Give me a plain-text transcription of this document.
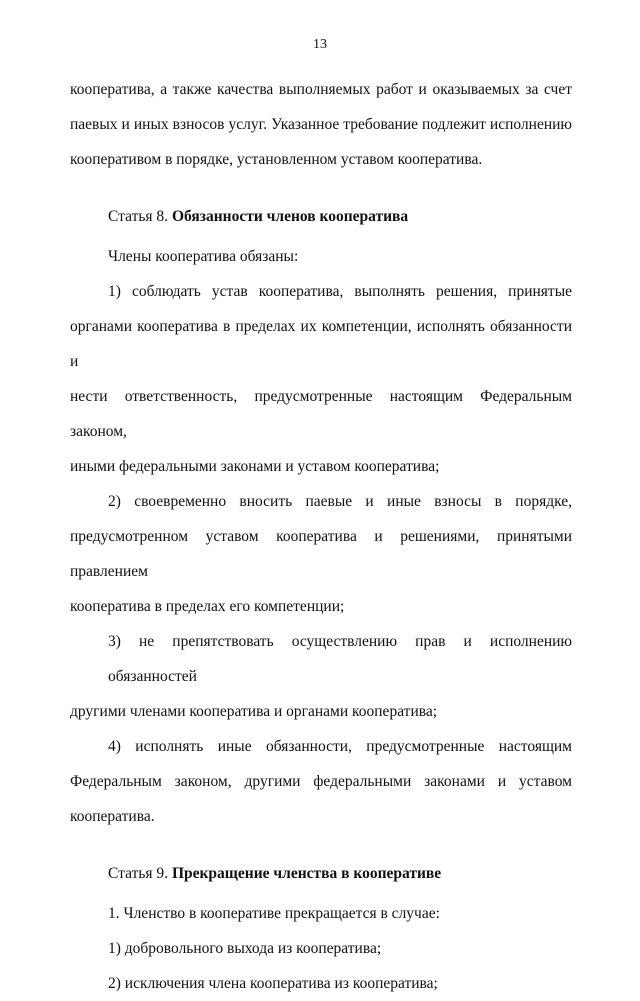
13

кооператива, а также качества выполняемых работ и оказываемых за счет
паевых и иных взносов услуг. Указанное требование подлежит исполнению
кооперативом в порядке, установленном уставом кооператива.

Статья 8. Обязанности членов кооператива

Члены кооператива обязаны:

1) соблюдать устав кооператива, выполнять решения, принятые
органами кооператива в пределах их компетенции, исполнять обязанности и
нести ответственность, предусмотренные настоящим Федеральным законом,
иными федеральными законами и уставом кооператива;

2) своевременно вносить паевые и иные взносы в порядке,
предусмотренном уставом кооператива и решениями, принятыми правлением
кооператива в пределах его компетенции;

3) не препятствовать осуществлению прав и исполнению обязанностей
другими членами кооператива и органами кооператива;

4) исполнять иные обязанности, предусмотренные настоящим
Федеральным законом, другими федеральными законами и уставом
кооператива.

Статья 9. Прекращение членства в кооперативе

1. Членство в кооперативе прекращается в случае:

1) добровольного выхода из кооператива;

2) исключения члена кооператива из кооператива;
